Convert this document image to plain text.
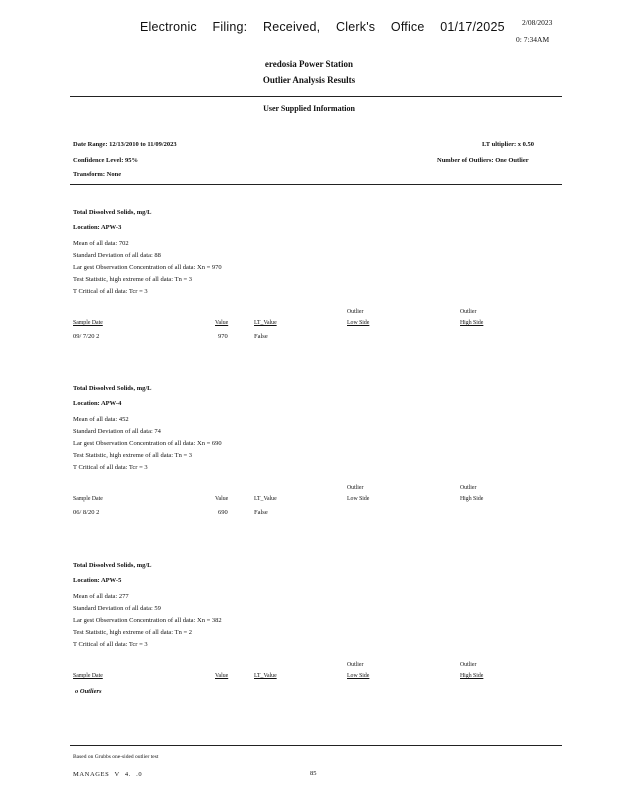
Electronic Filing: Received, Clerk's Office 01/17/2025 2/08/2023
0: 7:34AM
eredosia Power Station
Outlier Analysis Results
User Supplied Information
Date Range: 12/13/2010 to 11/09/2023
Confidence Level: 95%
Transform: None
LT ultiplier: x 0.50
Number of Outliers: One Outlier
Total Dissolved Solids, mg/L
Location: APW-3
Mean of all data: 702
Standard Deviation of all data: 88
Lar gest Observation Concentration of all data: Xn = 970
Test Statistic, high extreme of all data: Tn = 3
T Critical of all data: Tcr = 3
Outlier	Outlier
Sample Date	Value	LT_Value	Low Side	High Side
09/ 7/20 2	970	False
Total Dissolved Solids, mg/L
Location: APW-4
Mean of all data: 452
Standard Deviation of all data: 74
Lar gest Observation Concentration of all data: Xn = 690
Test Statistic, high extreme of all data: Tn = 3
T Critical of all data: Tcr = 3
Outlier	Outlier
Sample Date	Value	LT_Value	Low Side	High Side
06/ 8/20 2	690	False
Total Dissolved Solids, mg/L
Location: APW-5
Mean of all data: 277
Standard Deviation of all data: 59
Lar gest Observation Concentration of all data: Xn = 382
Test Statistic, high extreme of all data: Tn = 2
T Critical of all data: Tcr = 3
Outlier	Outlier
Sample Date	Value	LT_Value	Low Side	High Side
o Outliers
Based on Grubbs one-sided outlier test
MANAGES V 4. .0	85
